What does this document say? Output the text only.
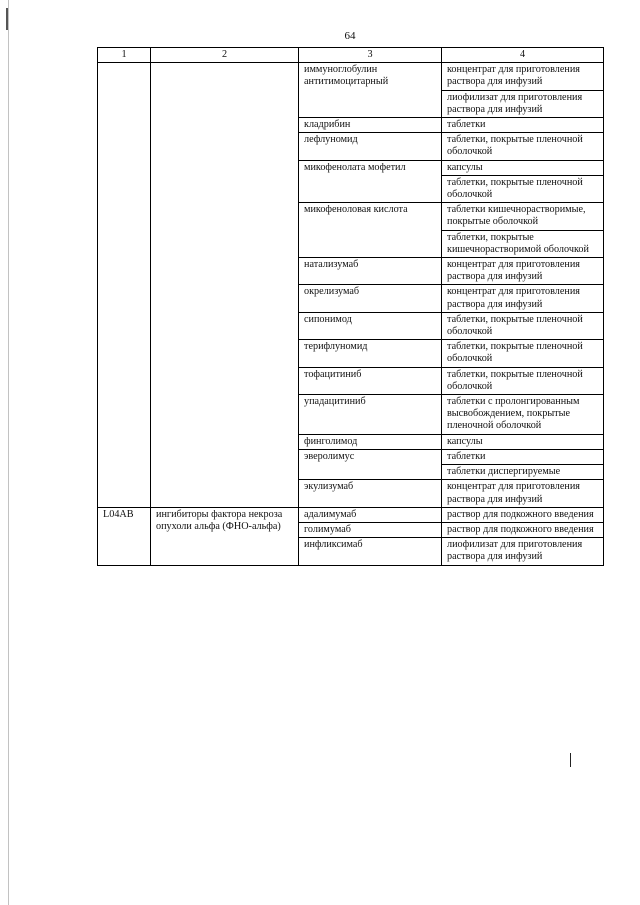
64
1	2	3	4
		иммуноглобулин антитимоцитарный	концентрат для приготовления раствора для инфузий
			лиофилизат для приготовления раствора для инфузий
		кладрибин	таблетки
		лефлуномид	таблетки, покрытые пленочной оболочкой
		микофенолата мофетил	капсулы
			таблетки, покрытые пленочной оболочкой
		микофеноловая кислота	таблетки кишечнорастворимые, покрытые оболочкой
			таблетки, покрытые кишечнорастворимой оболочкой
		натализумаб	концентрат для приготовления раствора для инфузий
		окрелизумаб	концентрат для приготовления раствора для инфузий
		сипонимод	таблетки, покрытые пленочной оболочкой
		терифлуномид	таблетки, покрытые пленочной оболочкой
		тофацитиниб	таблетки, покрытые пленочной оболочкой
		упадацитиниб	таблетки с пролонгированным высвобождением, покрытые пленочной оболочкой
		финголимод	капсулы
		эверолимус	таблетки
			таблетки диспергируемые
		экулизумаб	концентрат для приготовления раствора для инфузий
L04AB	ингибиторы фактора некроза опухоли альфа (ФНО-альфа)	адалимумаб	раствор для подкожного введения
		голимумаб	раствор для подкожного введения
		инфликсимаб	лиофилизат для приготовления раствора для инфузий
